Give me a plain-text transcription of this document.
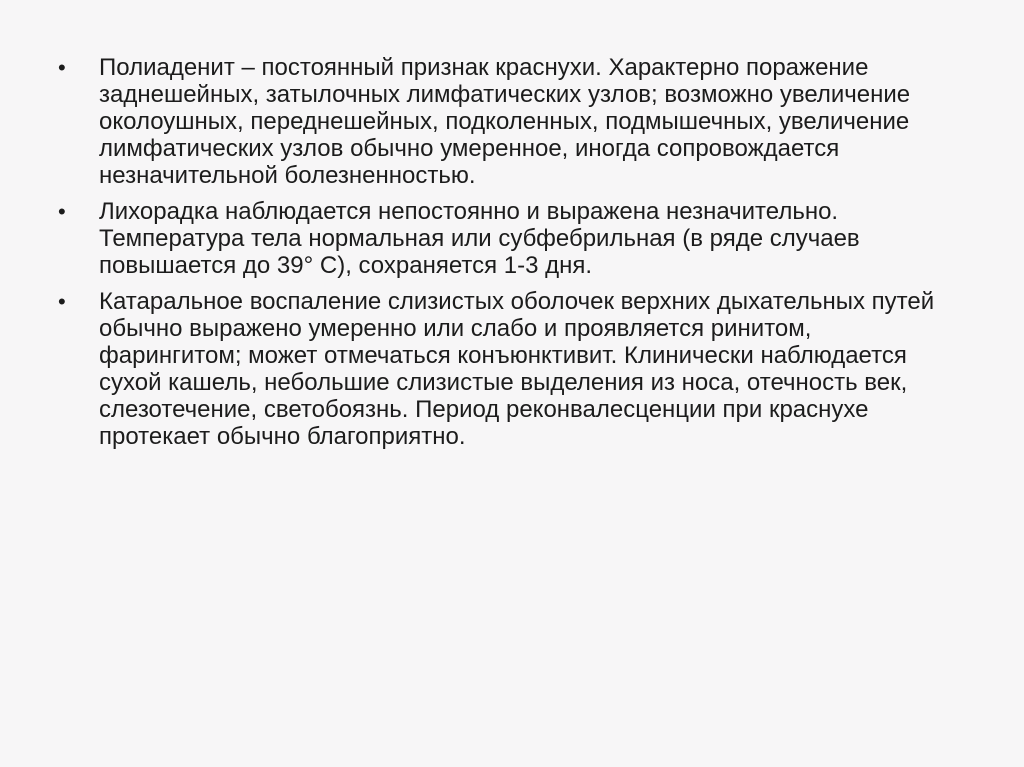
•	Полиаденит – постоянный признак краснухи. Характерно поражение заднешейных, затылочных лимфатических узлов; возможно увеличение околоушных, переднешейных, подколенных, подмышечных, увеличение лимфатических узлов обычно умеренное, иногда сопровождается незначительной болезненностью.
•	Лихорадка наблюдается непостоянно и выражена незначительно. Температура тела нормальная или субфебрильная (в ряде случаев повышается до 39° С), сохраняется 1-3 дня.
•	Катаральное воспаление слизистых оболочек верхних дыхательных путей обычно выражено умеренно или слабо и проявляется ринитом, фарингитом; может отмечаться конъюнктивит. Клинически наблюдается сухой кашель, небольшие слизистые выделения из носа, отечность век, слезотечение, светобоязнь. Период реконвалесценции при краснухе протекает обычно благоприятно.
